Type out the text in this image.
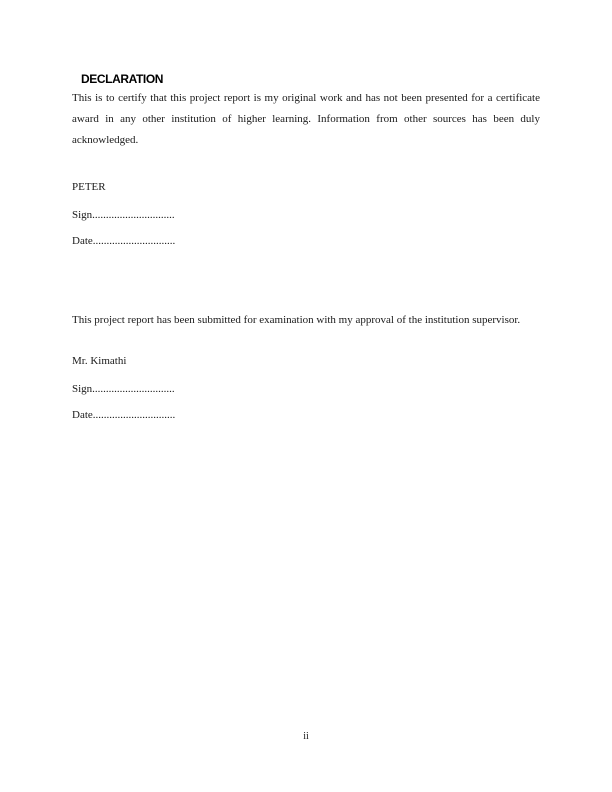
DECLARATION
This is to certify that this project report is my original work and has not been presented for a certificate award in any other institution of higher learning. Information from other sources has been duly acknowledged.
PETER
Sign..............................
Date..............................
This project report has been submitted for examination with my approval of the institution supervisor.
Mr. Kimathi
Sign..............................
Date..............................
ii
